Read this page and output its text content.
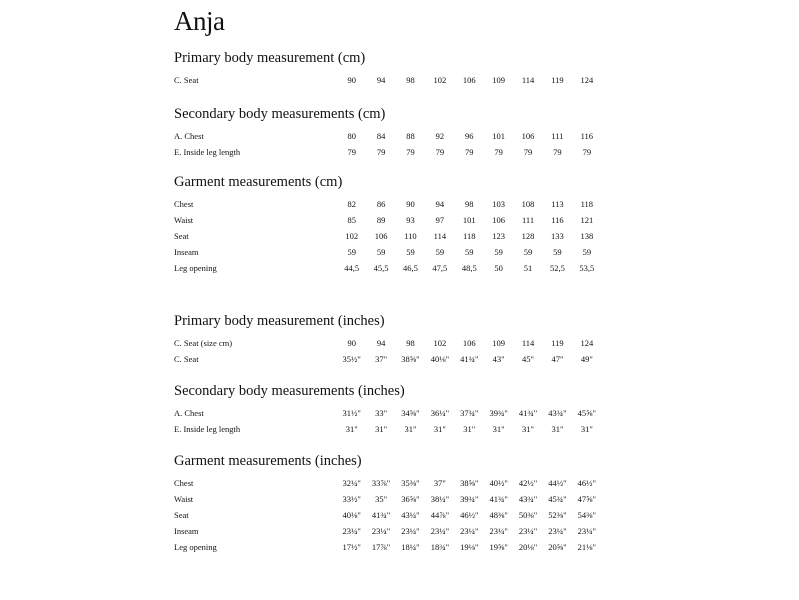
Anja
Primary body measurement (cm)
C. Seat	90	94	98	102	106	109	114	119	124
Secondary body measurements (cm)
A. Chest	80	84	88	92	96	101	106	111	116
E. Inside leg length	79	79	79	79	79	79	79	79	79
Garment measurements (cm)
Chest	82	86	90	94	98	103	108	113	118
Waist	85	89	93	97	101	106	111	116	121
Seat	102	106	110	114	118	123	128	133	138
Inseam	59	59	59	59	59	59	59	59	59
Leg opening	44,5	45,5	46,5	47,5	48,5	50	51	52,5	53,5
Primary body measurement (inches)
C. Seat (size cm)	90	94	98	102	106	109	114	119	124
C. Seat	35½"	37"	38⅝"	40⅛"	41¾"	43"	45"	47"	49"
Secondary body measurements (inches)
A. Chest	31½"	33"	34⅝"	36¼"	37¾"	39¾"	41¾"	43¾"	45⅝"
E. Inside leg length	31"	31"	31"	31"	31"	31"	31"	31"	31"
Garment measurements (inches)
Chest	32¼"	33⅞"	35⅜"	37"	38⅝"	40½"	42½"	44½"	46½"
Waist	33½"	35"	36⅝"	38¼"	39¾"	41¾"	43¾"	45¾"	47⅝"
Seat	40⅛"	41¾"	43¼"	44⅞"	46½"	48⅜"	50⅜"	52⅜"	54⅜"
Inseam	23¼"	23¼"	23¼"	23¼"	23¼"	23¼"	23¼"	23¼"	23¼"
Leg opening	17½"	17⅞"	18¼"	18¾"	19⅛"	19⅝"	20⅛"	20⅝"	21⅛"
